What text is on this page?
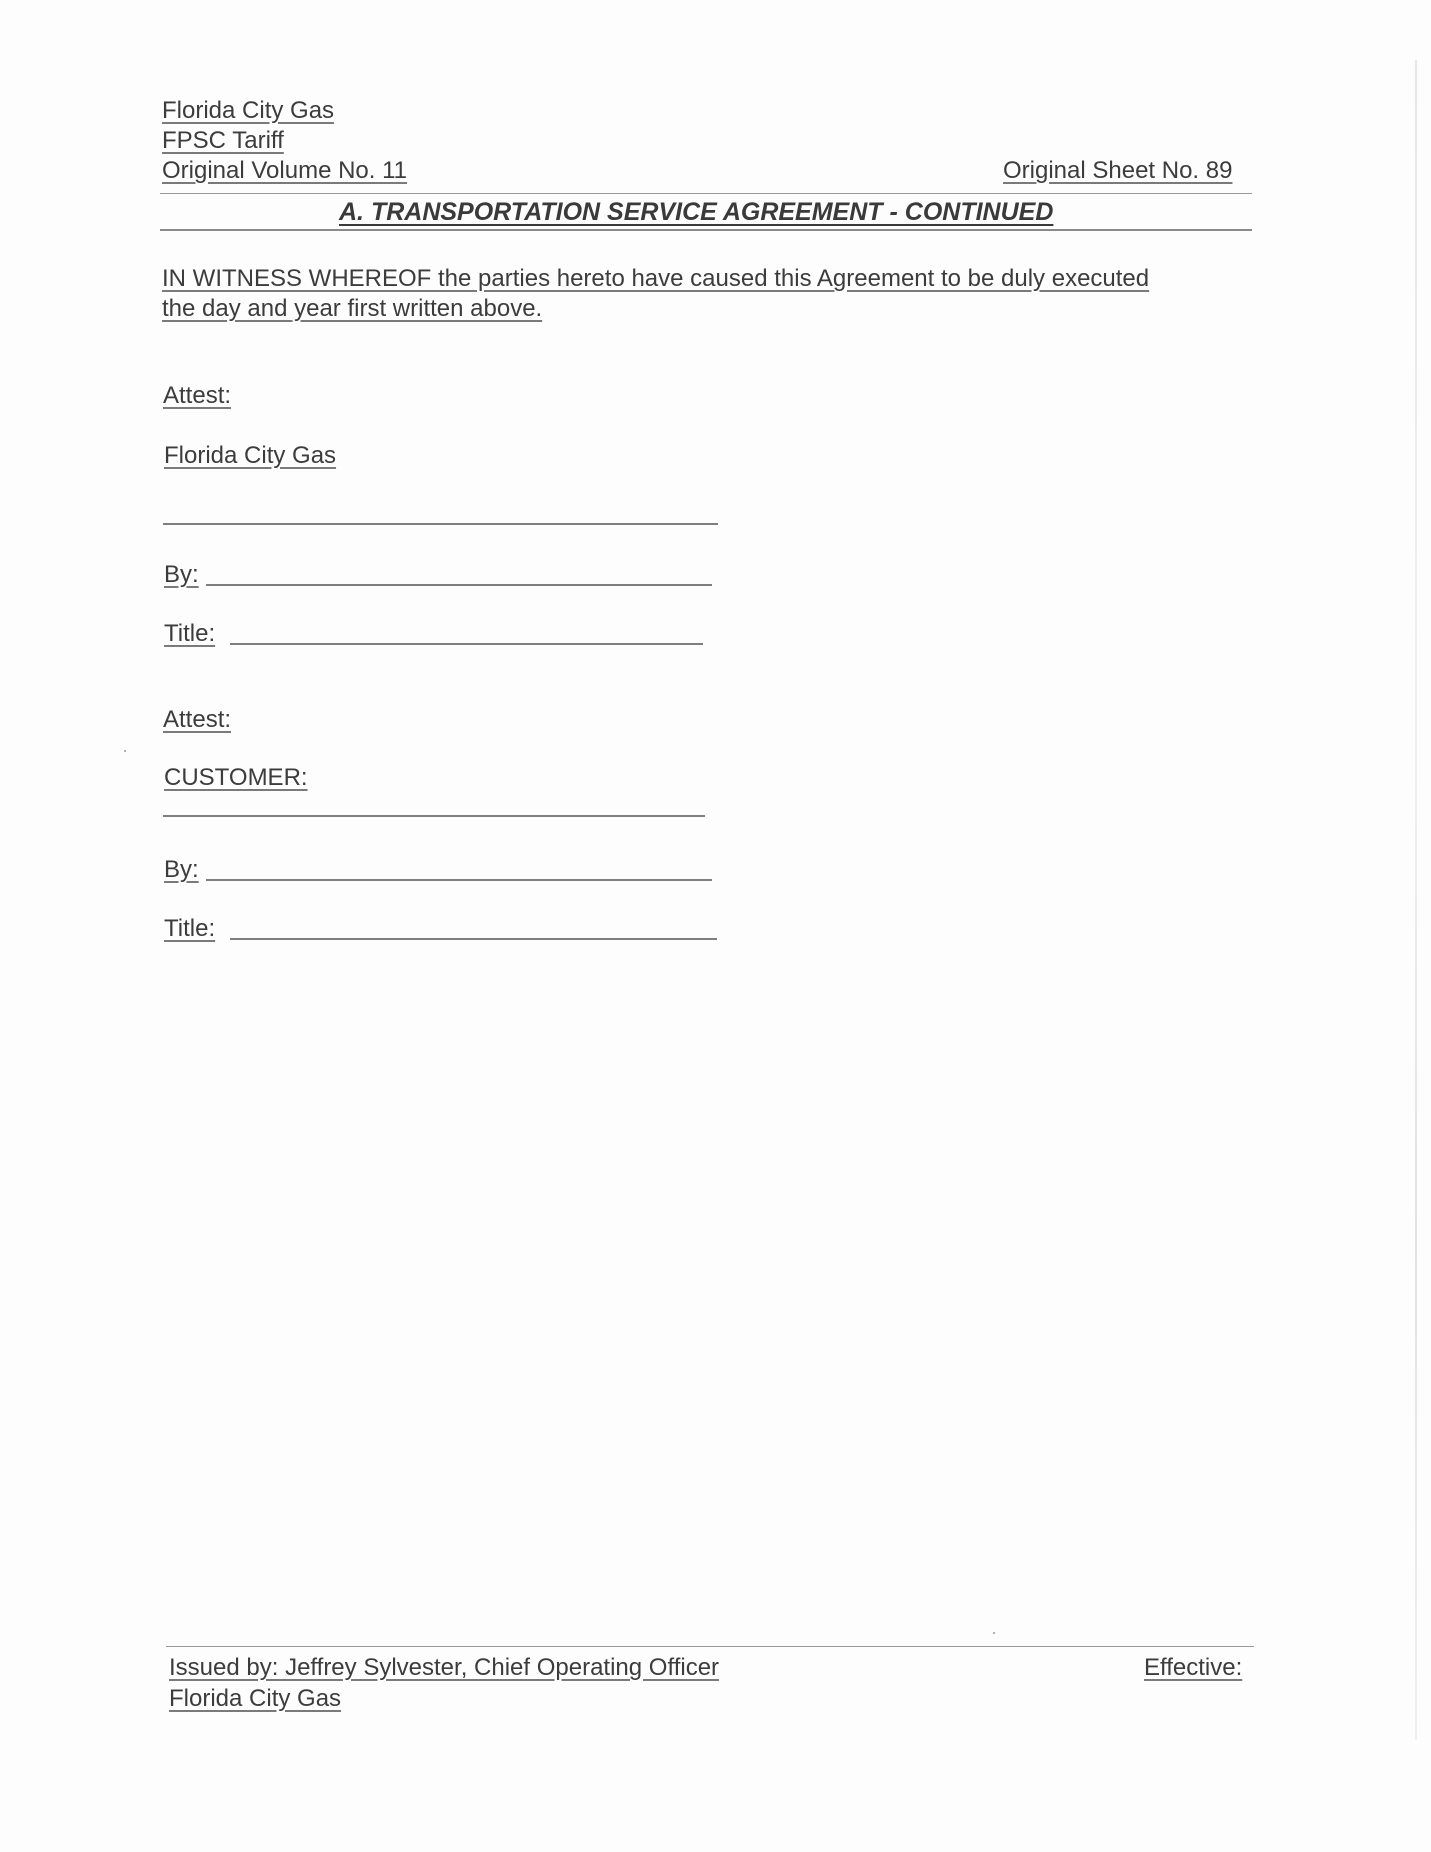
Florida City Gas
FPSC Tariff
Original Volume No. 11	Original Sheet No. 89
A. TRANSPORTATION SERVICE AGREEMENT - CONTINUED
IN WITNESS WHEREOF the parties hereto have caused this Agreement to be duly executed
the day and year first written above.
Attest:
Florida City Gas
By:
Title:
Attest:
CUSTOMER:
By:
Title:
Issued by: Jeffrey Sylvester, Chief Operating Officer
Florida City Gas
Effective:
